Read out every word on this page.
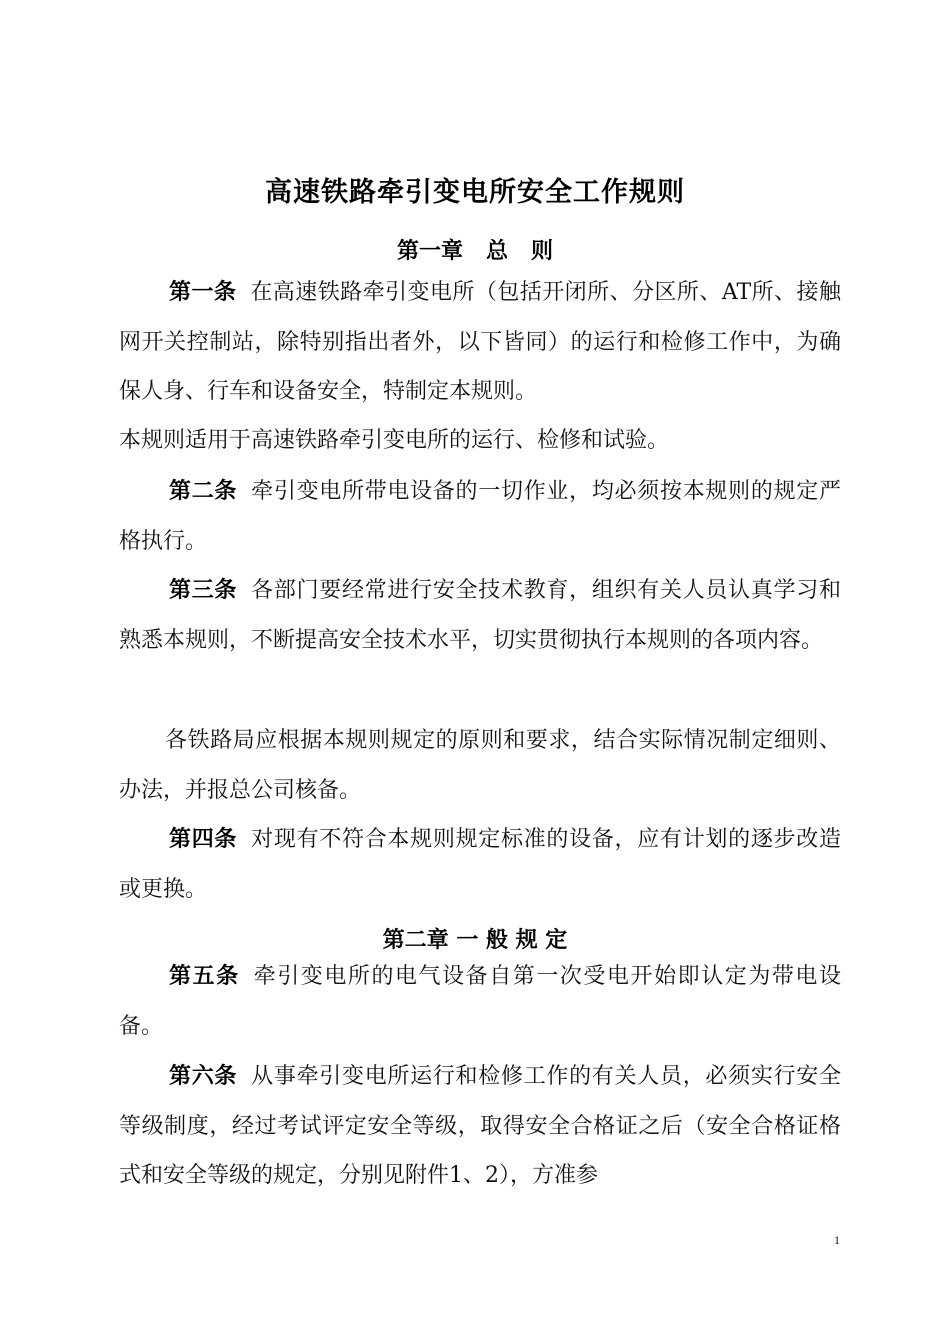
高速铁路牵引变电所安全工作规则
第一章   总   则

第一条 在高速铁路牵引变电所（包括开闭所、分区所、AT所、接触网开关控制站，除特别指出者外，以下皆同）的运行和检修工作中，为确保人身、行车和设备安全，特制定本规则。

本规则适用于高速铁路牵引变电所的运行、检修和试验。

第二条 牵引变电所带电设备的一切作业，均必须按本规则的规定严格执行。

第三条 各部门要经常进行安全技术教育，组织有关人员认真学习和熟悉本规则，不断提高安全技术水平，切实贯彻执行本规则的各项内容。

各铁路局应根据本规则规定的原则和要求，结合实际情况制定细则、办法，并报总公司核备。

第四条 对现有不符合本规则规定标准的设备，应有计划的逐步改造或更换。

第二章 一 般 规 定

第五条 牵引变电所的电气设备自第一次受电开始即认定为带电设备。

第六条 从事牵引变电所运行和检修工作的有关人员，必须实行安全等级制度，经过考试评定安全等级，取得安全合格证之后（安全合格证格式和安全等级的规定，分别见附件1、2），方准参

1
